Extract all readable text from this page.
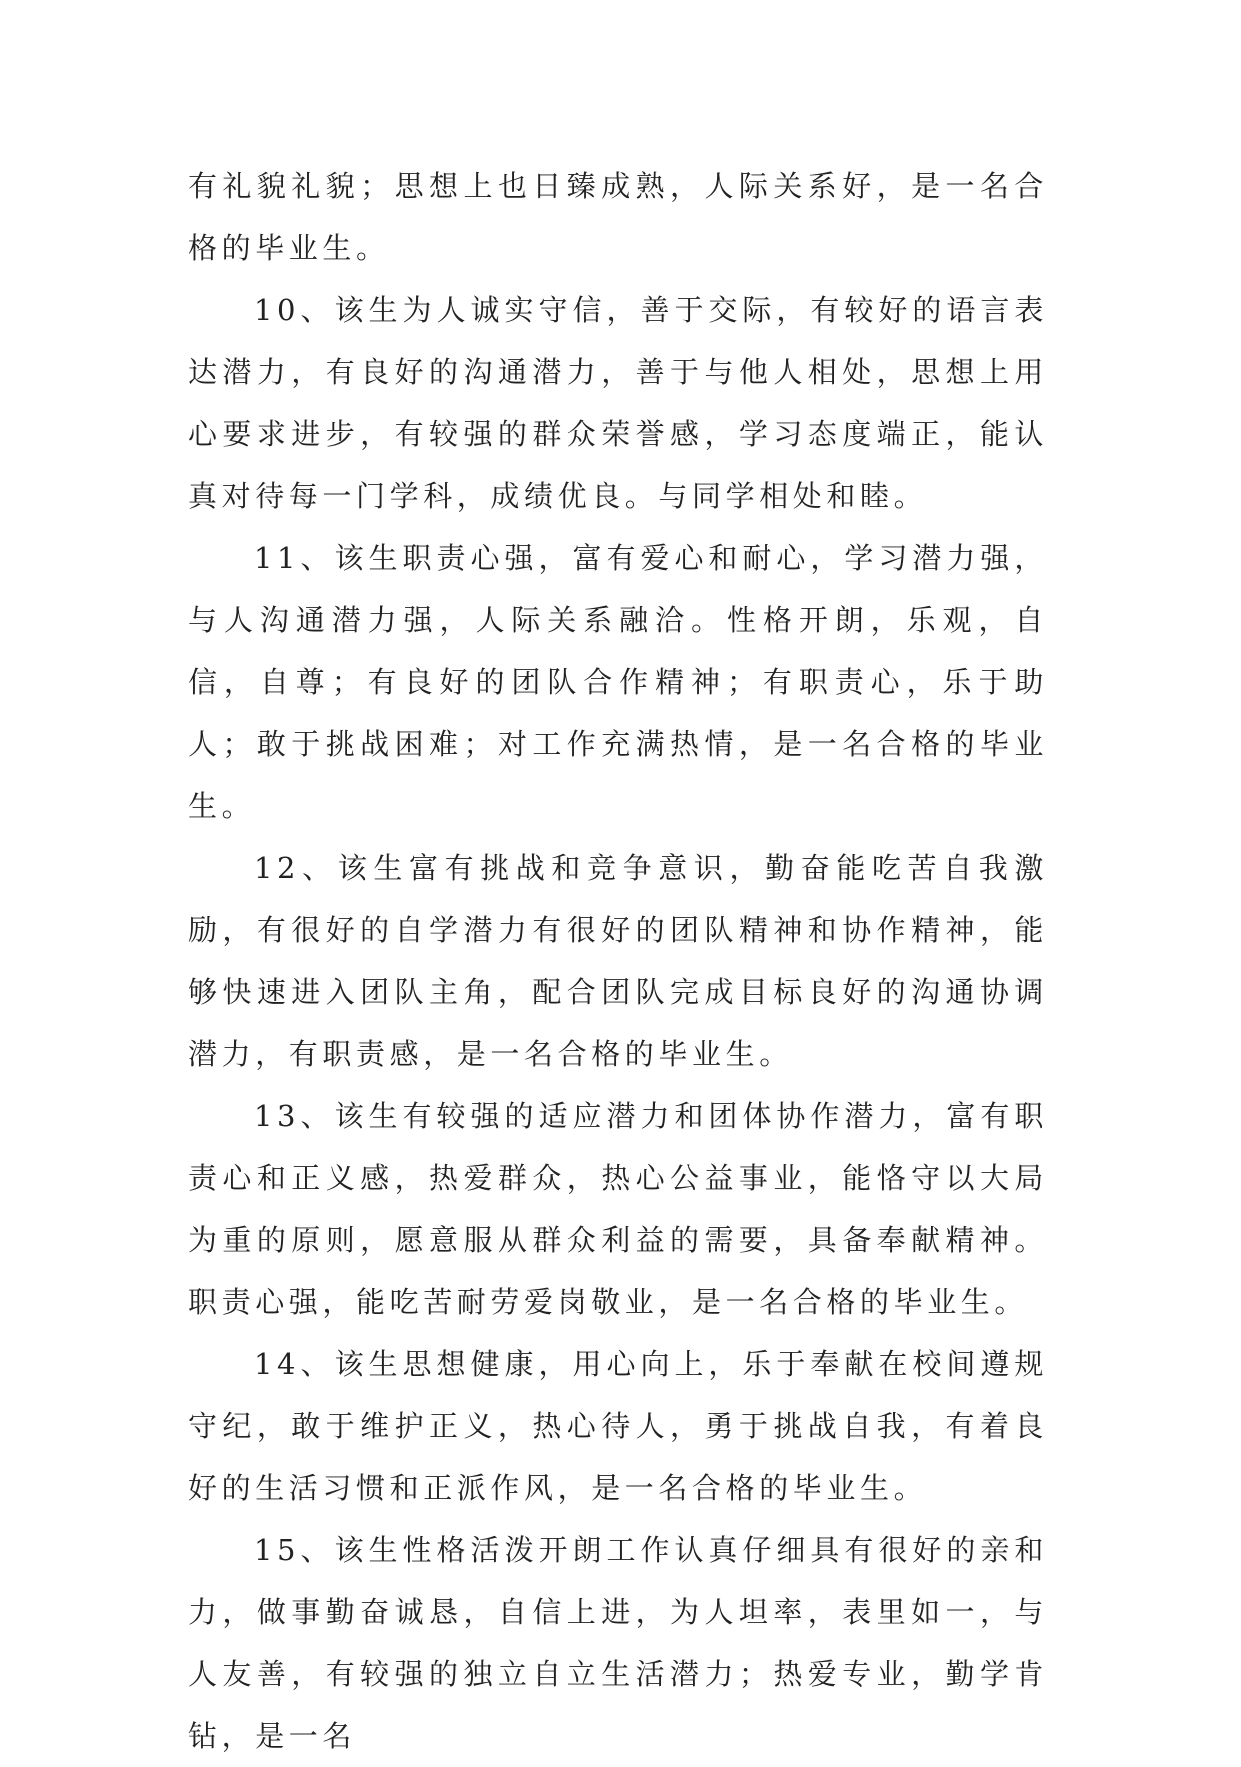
有礼貌礼貌；思想上也日臻成熟，人际关系好，是一名合格的毕业生。

10、该生为人诚实守信，善于交际，有较好的语言表达潜力，有良好的沟通潜力，善于与他人相处，思想上用心要求进步，有较强的群众荣誉感，学习态度端正，能认真对待每一门学科，成绩优良。与同学相处和睦。

11、该生职责心强，富有爱心和耐心，学习潜力强，与人沟通潜力强，人际关系融洽。性格开朗，乐观，自信，自尊；有良好的团队合作精神；有职责心，乐于助人；敢于挑战困难；对工作充满热情，是一名合格的毕业生。

12、该生富有挑战和竞争意识，勤奋能吃苦自我激励，有很好的自学潜力有很好的团队精神和协作精神，能够快速进入团队主角，配合团队完成目标良好的沟通协调潜力，有职责感，是一名合格的毕业生。

13、该生有较强的适应潜力和团体协作潜力，富有职责心和正义感，热爱群众，热心公益事业，能恪守以大局为重的原则，愿意服从群众利益的需要，具备奉献精神。职责心强，能吃苦耐劳爱岗敬业，是一名合格的毕业生。

14、该生思想健康，用心向上，乐于奉献在校间遵规守纪，敢于维护正义，热心待人，勇于挑战自我，有着良好的生活习惯和正派作风，是一名合格的毕业生。

15、该生性格活泼开朗工作认真仔细具有很好的亲和力，做事勤奋诚恳，自信上进，为人坦率，表里如一，与人友善，有较强的独立自立生活潜力；热爱专业，勤学肯钻，是一名
